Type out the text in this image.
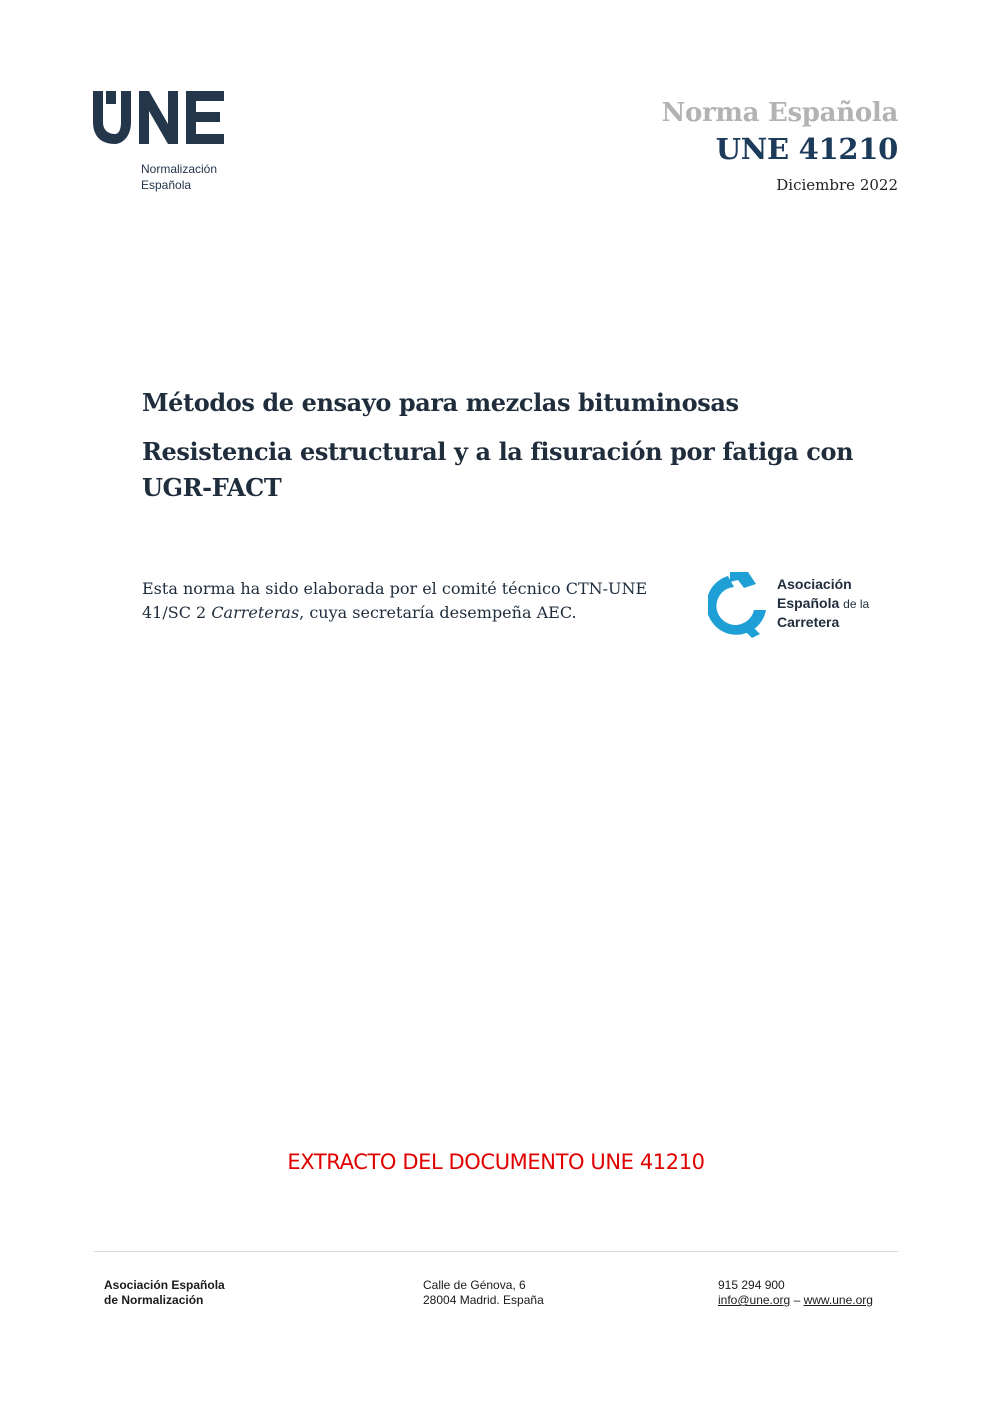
Normalización
Española
Norma Española
UNE 41210
Diciembre 2022
Métodos de ensayo para mezclas bituminosas
Resistencia estructural y a la fisuración por fatiga con UGR-FACT

Esta norma ha sido elaborada por el comité técnico CTN-UNE 41/SC 2 Carreteras, cuya secretaría desempeña AEC.

Asociación
Española de la
Carretera
EXTRACTO DEL DOCUMENTO UNE 41210
Asociación Española
de Normalización
Calle de Génova, 6
28004 Madrid. España
915 294 900
info@une.org – www.une.org
